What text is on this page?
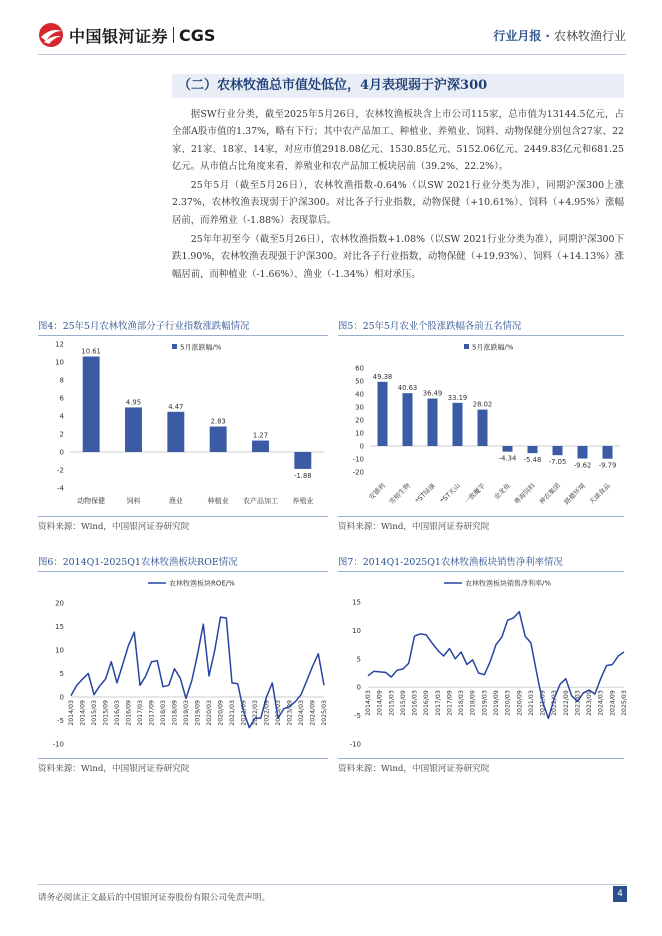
中国银河证券 CGS	行业月报 · 农林牧渔行业
（二）农林牧渔总市值处低位，4月表现弱于沪深300

据SW行业分类，截至2025年5月26日，农林牧渔板块含上市公司115家，总市值为13144.5亿元，占全部A股市值的1.37%，略有下行；其中农产品加工、种植业、养殖业、饲料、动物保健分别包含27家、22家、21家、18家、14家，对应市值2918.08亿元、1530.85亿元、5152.06亿元、2449.83亿元和681.25亿元。从市值占比角度来看，养殖业和农产品加工板块居前（39.2%、22.2%）。

25年5月（截至5月26日），农林牧渔指数-0.64%（以SW 2021行业分类为准），同期沪深300上涨2.37%，农林牧渔表现弱于沪深300。对比各子行业指数，动物保健（+10.61%）、饲料（+4.95%）涨幅居前，而养殖业（-1.88%）表现靠后。

25年年初至今（截至5月26日），农林牧渔指数+1.08%（以SW 2021行业分类为准），同期沪深300下跌1.90%，农林牧渔表现强于沪深300。对比各子行业指数，动物保健（+19.93%）、饲料（+14.13%）涨幅居前，而种植业（-1.66%）、渔业（-1.34%）相对承压。

图4：25年5月农林牧渔部分子行业指数涨跌幅情况
5月涨跌幅/%
-4
-2
0
2
4
6
8
10
12
10.61
动物保健
4.95
饲料
4.47
渔业
2.83
种植业
1.27
农产品加工
-1.88
养殖业
资料来源：Wind，中国银河证券研究院
图5：25年5月农业个股涨跌幅各前五名情况
5月涨跌幅/%
-20
-10
0
10
20
30
40
50
60
49.38
安德利
40.63
雪榕生物
36.49
*ST绿康
33.19
*ST天山
28.02
一致魔芋
-4.34
金龙鱼
-5.48
粤海饲料
-7.05
神农集团
-9.62
路德环境
-9.79
天康食品
资料来源：Wind，中国银河证券研究院
图6：2014Q1-2025Q1农林牧渔板块ROE情况
农林牧渔板块ROE/%
-10
-5
0
5
10
15
20
2014/03 2014/09 2015/03 2015/09 2016/03 2016/09 2017/03 2017/09 2018/03 2018/09 2019/03 2019/09 2020/03 2020/09 2021/03 2021/09 2022/03 2022/09 2023/03 2023/09 2024/03 2024/09 2025/03
资料来源：Wind，中国银河证券研究院
图7：2014Q1-2025Q1农林牧渔板块销售净利率情况
农林牧渔板块销售净利率/%
-10
-5
0
5
10
15
2014/03 2014/09 2015/03 2015/09 2016/03 2016/09 2017/03 2017/09 2018/03 2018/09 2019/03 2019/09 2020/03 2020/09 2021/03 2021/09 2022/03 2022/09 2023/03 2023/09 2024/03 2024/09 2025/03
资料来源：Wind，中国银河证券研究院
请务必阅读正文最后的中国银河证券股份有限公司免责声明。	4
